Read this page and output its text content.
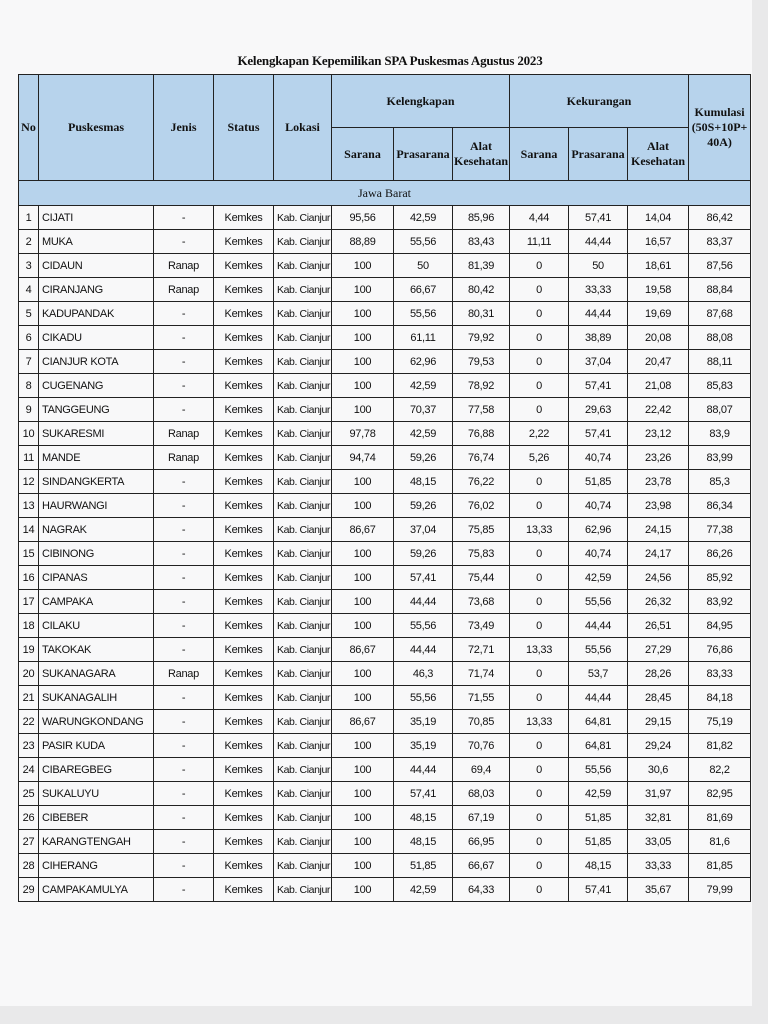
Kelengkapan Kepemilikan SPA Puskesmas Agustus 2023
No	Puskesmas	Jenis	Status	Lokasi	Kelengkapan			Kekurangan			Kumulasi (50S+10P+ 40A)
					Sarana	Prasarana	Alat Kesehatan	Sarana	Prasarana	Alat Kesehatan	
Jawa Barat											
1	CIJATI	-	Kemkes	Kab. Cianjur	95,56	42,59	85,96	4,44	57,41	14,04	86,42
2	MUKA	-	Kemkes	Kab. Cianjur	88,89	55,56	83,43	11,11	44,44	16,57	83,37
3	CIDAUN	Ranap	Kemkes	Kab. Cianjur	100	50	81,39	0	50	18,61	87,56
4	CIRANJANG	Ranap	Kemkes	Kab. Cianjur	100	66,67	80,42	0	33,33	19,58	88,84
5	KADUPANDAK	-	Kemkes	Kab. Cianjur	100	55,56	80,31	0	44,44	19,69	87,68
6	CIKADU	-	Kemkes	Kab. Cianjur	100	61,11	79,92	0	38,89	20,08	88,08
7	CIANJUR KOTA	-	Kemkes	Kab. Cianjur	100	62,96	79,53	0	37,04	20,47	88,11
8	CUGENANG	-	Kemkes	Kab. Cianjur	100	42,59	78,92	0	57,41	21,08	85,83
9	TANGGEUNG	-	Kemkes	Kab. Cianjur	100	70,37	77,58	0	29,63	22,42	88,07
10	SUKARESMI	Ranap	Kemkes	Kab. Cianjur	97,78	42,59	76,88	2,22	57,41	23,12	83,9
11	MANDE	Ranap	Kemkes	Kab. Cianjur	94,74	59,26	76,74	5,26	40,74	23,26	83,99
12	SINDANGKERTA	-	Kemkes	Kab. Cianjur	100	48,15	76,22	0	51,85	23,78	85,3
13	HAURWANGI	-	Kemkes	Kab. Cianjur	100	59,26	76,02	0	40,74	23,98	86,34
14	NAGRAK	-	Kemkes	Kab. Cianjur	86,67	37,04	75,85	13,33	62,96	24,15	77,38
15	CIBINONG	-	Kemkes	Kab. Cianjur	100	59,26	75,83	0	40,74	24,17	86,26
16	CIPANAS	-	Kemkes	Kab. Cianjur	100	57,41	75,44	0	42,59	24,56	85,92
17	CAMPAKA	-	Kemkes	Kab. Cianjur	100	44,44	73,68	0	55,56	26,32	83,92
18	CILAKU	-	Kemkes	Kab. Cianjur	100	55,56	73,49	0	44,44	26,51	84,95
19	TAKOKAK	-	Kemkes	Kab. Cianjur	86,67	44,44	72,71	13,33	55,56	27,29	76,86
20	SUKANAGARA	Ranap	Kemkes	Kab. Cianjur	100	46,3	71,74	0	53,7	28,26	83,33
21	SUKANAGALIH	-	Kemkes	Kab. Cianjur	100	55,56	71,55	0	44,44	28,45	84,18
22	WARUNGKONDANG	-	Kemkes	Kab. Cianjur	86,67	35,19	70,85	13,33	64,81	29,15	75,19
23	PASIR KUDA	-	Kemkes	Kab. Cianjur	100	35,19	70,76	0	64,81	29,24	81,82
24	CIBAREGBEG	-	Kemkes	Kab. Cianjur	100	44,44	69,4	0	55,56	30,6	82,2
25	SUKALUYU	-	Kemkes	Kab. Cianjur	100	57,41	68,03	0	42,59	31,97	82,95
26	CIBEBER	-	Kemkes	Kab. Cianjur	100	48,15	67,19	0	51,85	32,81	81,69
27	KARANGTENGAH	-	Kemkes	Kab. Cianjur	100	48,15	66,95	0	51,85	33,05	81,6
28	CIHERANG	-	Kemkes	Kab. Cianjur	100	51,85	66,67	0	48,15	33,33	81,85
29	CAMPAKAMULYA	-	Kemkes	Kab. Cianjur	100	42,59	64,33	0	57,41	35,67	79,99
